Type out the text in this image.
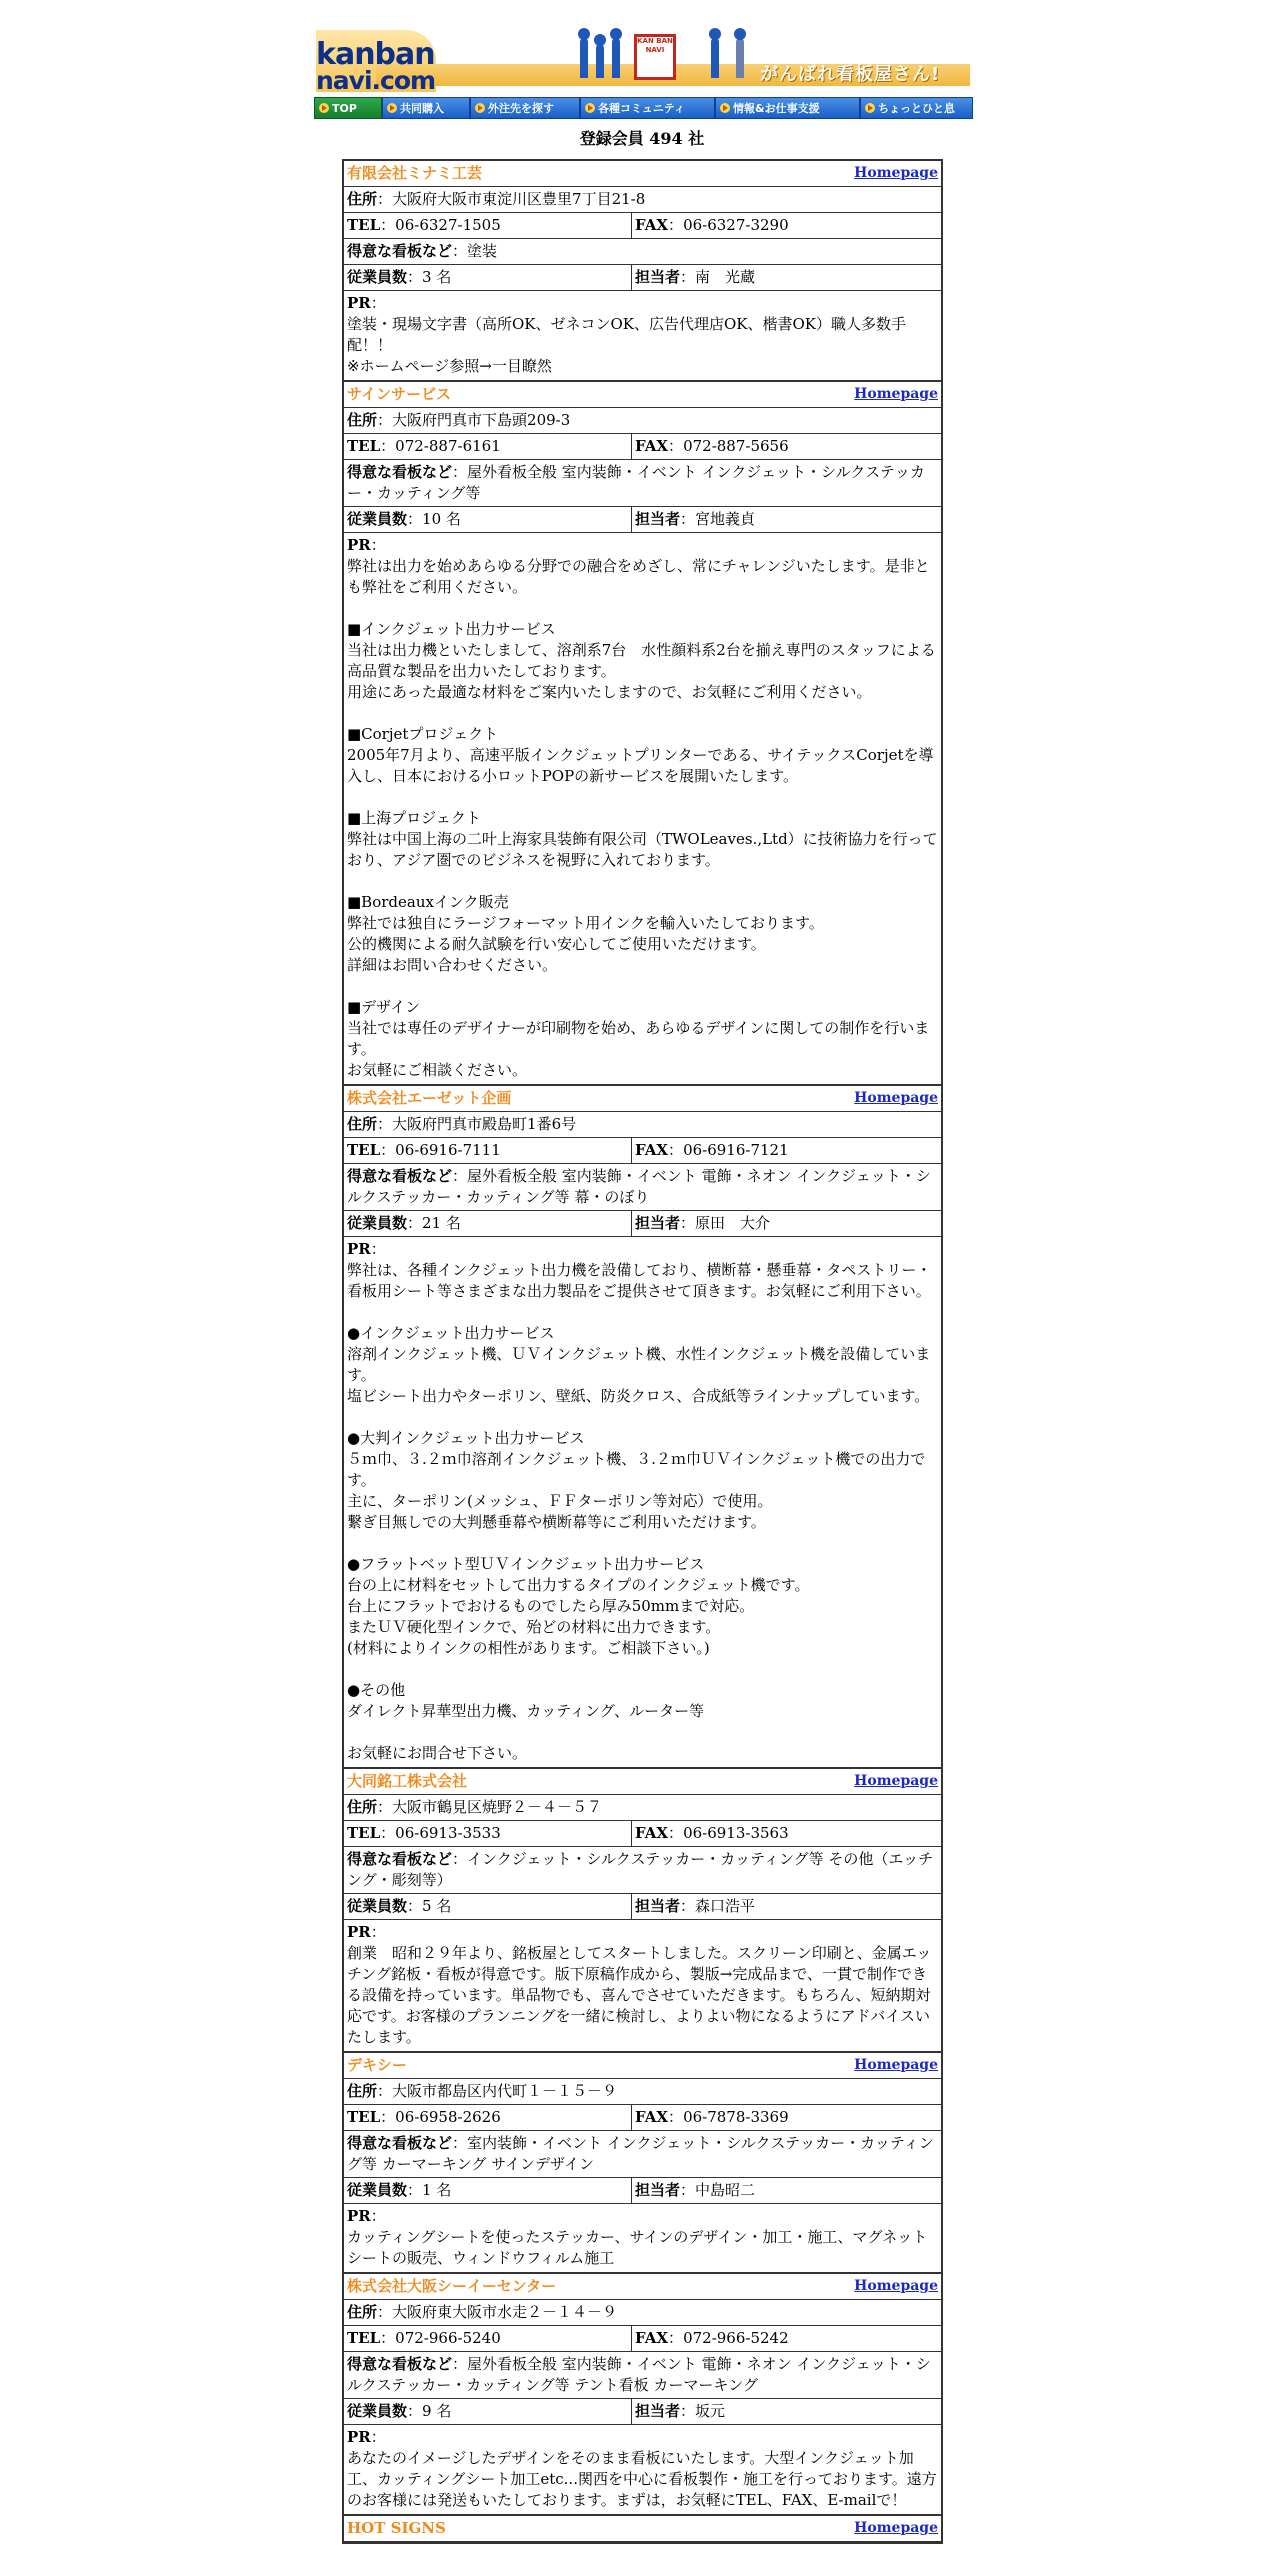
kanban
navi.com
KAN BAN NAVI
がんばれ看板屋さん!
TOP	共同購入	外注先を探す	各種コミュニティ	情報&お仕事支援	ちょっとひと息
登録会員 494 社
有限会社ミナミ工芸	Homepage
住所：大阪府大阪市東淀川区豊里7丁目21-8
TEL：06-6327-1505	FAX：06-6327-3290
得意な看板など：塗装
従業員数：3 名	担当者：南　光蔵
PR：
塗装・現場文字書（高所OK、ゼネコンOK、広告代理店OK、楷書OK）職人多数手配！！
※ホームページ参照→一目瞭然
サインサービス	Homepage
住所：大阪府門真市下島頭209-3
TEL：072-887-6161	FAX：072-887-5656
得意な看板など：屋外看板全般 室内装飾・イベント インクジェット・シルクステッカー・カッティング等
従業員数：10 名	担当者：宮地義貞
PR：
弊社は出力を始めあらゆる分野での融合をめざし、常にチャレンジいたします。是非とも弊社をご利用ください。

■インクジェット出力サービス
当社は出力機といたしまして、溶剤系7台　水性顔料系2台を揃え専門のスタッフによる高品質な製品を出力いたしております。
用途にあった最適な材料をご案内いたしますので、お気軽にご利用ください。

■Corjetプロジェクト
2005年7月より、高速平版インクジェットプリンターである、サイテックスCorjetを導入し、日本における小ロットPOPの新サービスを展開いたします。

■上海プロジェクト
弊社は中国上海の二叶上海家具装飾有限公司（TWOLeaves.,Ltd）に技術協力を行っており、アジア圏でのビジネスを視野に入れております。

■Bordeauxインク販売
弊社では独自にラージフォーマット用インクを輸入いたしております。
公的機関による耐久試験を行い安心してご使用いただけます。
詳細はお問い合わせください。

■デザイン
当社では専任のデザイナーが印刷物を始め、あらゆるデザインに関しての制作を行います。
お気軽にご相談ください。
株式会社エーゼット企画	Homepage
住所：大阪府門真市殿島町1番6号
TEL：06-6916-7111	FAX：06-6916-7121
得意な看板など：屋外看板全般 室内装飾・イベント 電飾・ネオン インクジェット・シルクステッカー・カッティング等 幕・のぼり
従業員数：21 名	担当者：原田　大介
PR：
弊社は、各種インクジェット出力機を設備しており、横断幕・懸垂幕・タペストリー・
看板用シート等さまざまな出力製品をご提供させて頂きます。お気軽にご利用下さい。

●インクジェット出力サービス
溶剤インクジェット機、ＵＶインクジェット機、水性インクジェット機を設備しています。
塩ビシート出力やターポリン、壁紙、防炎クロス、合成紙等ラインナップしています。

●大判インクジェット出力サービス
５ｍ巾、３.２ｍ巾溶剤インクジェット機、３.２ｍ巾ＵＶインクジェット機での出力です。
主に、ターポリン(メッシュ、ＦＦターポリン等対応）で使用。
繋ぎ目無しでの大判懸垂幕や横断幕等にご利用いただけます。

●フラットベット型ＵＶインクジェット出力サービス
台の上に材料をセットして出力するタイプのインクジェット機です。
台上にフラットでおけるものでしたら厚み50mmまで対応。
またＵＶ硬化型インクで、殆どの材料に出力できます。
(材料によりインクの相性があります。ご相談下さい。)

●その他
ダイレクト昇華型出力機、カッティング、ルーター等

お気軽にお問合せ下さい。
大同銘工株式会社	Homepage
住所：大阪市鶴見区焼野２－４－５７
TEL：06-6913-3533	FAX：06-6913-3563
得意な看板など：インクジェット・シルクステッカー・カッティング等 その他（エッチング・彫刻等）
従業員数：5 名	担当者：森口浩平
PR：
創業　昭和２９年より、銘板屋としてスタートしました。スクリーン印刷と、金属エッチング銘板・看板が得意です。版下原稿作成から、製版→完成品まで、一貫で制作できる設備を持っています。単品物でも、喜んでさせていただきます。もちろん、短納期対応です。お客様のプランニングを一緒に検討し、よりよい物になるようにアドバイスいたします。
デキシー	Homepage
住所：大阪市都島区内代町１－１５－９
TEL：06-6958-2626	FAX：06-7878-3369
得意な看板など：室内装飾・イベント インクジェット・シルクステッカー・カッティング等 カーマーキング サインデザイン
従業員数：1 名	担当者：中島昭二
PR：
カッティングシートを使ったステッカー、サインのデザイン・加工・施工、マグネットシートの販売、ウィンドウフィルム施工
株式会社大阪シーイーセンター	Homepage
住所：大阪府東大阪市水走２－１４－９
TEL：072-966-5240	FAX：072-966-5242
得意な看板など：屋外看板全般 室内装飾・イベント 電飾・ネオン インクジェット・シルクステッカー・カッティング等 テント看板 カーマーキング
従業員数：9 名	担当者：坂元
PR：
あなたのイメージしたデザインをそのまま看板にいたします。大型インクジェット加工、カッティングシート加工etc...関西を中心に看板製作・施工を行っております。遠方のお客様には発送もいたしております。まずは，お気軽にTEL、FAX、E-mailで！
HOT SIGNS	Homepage
